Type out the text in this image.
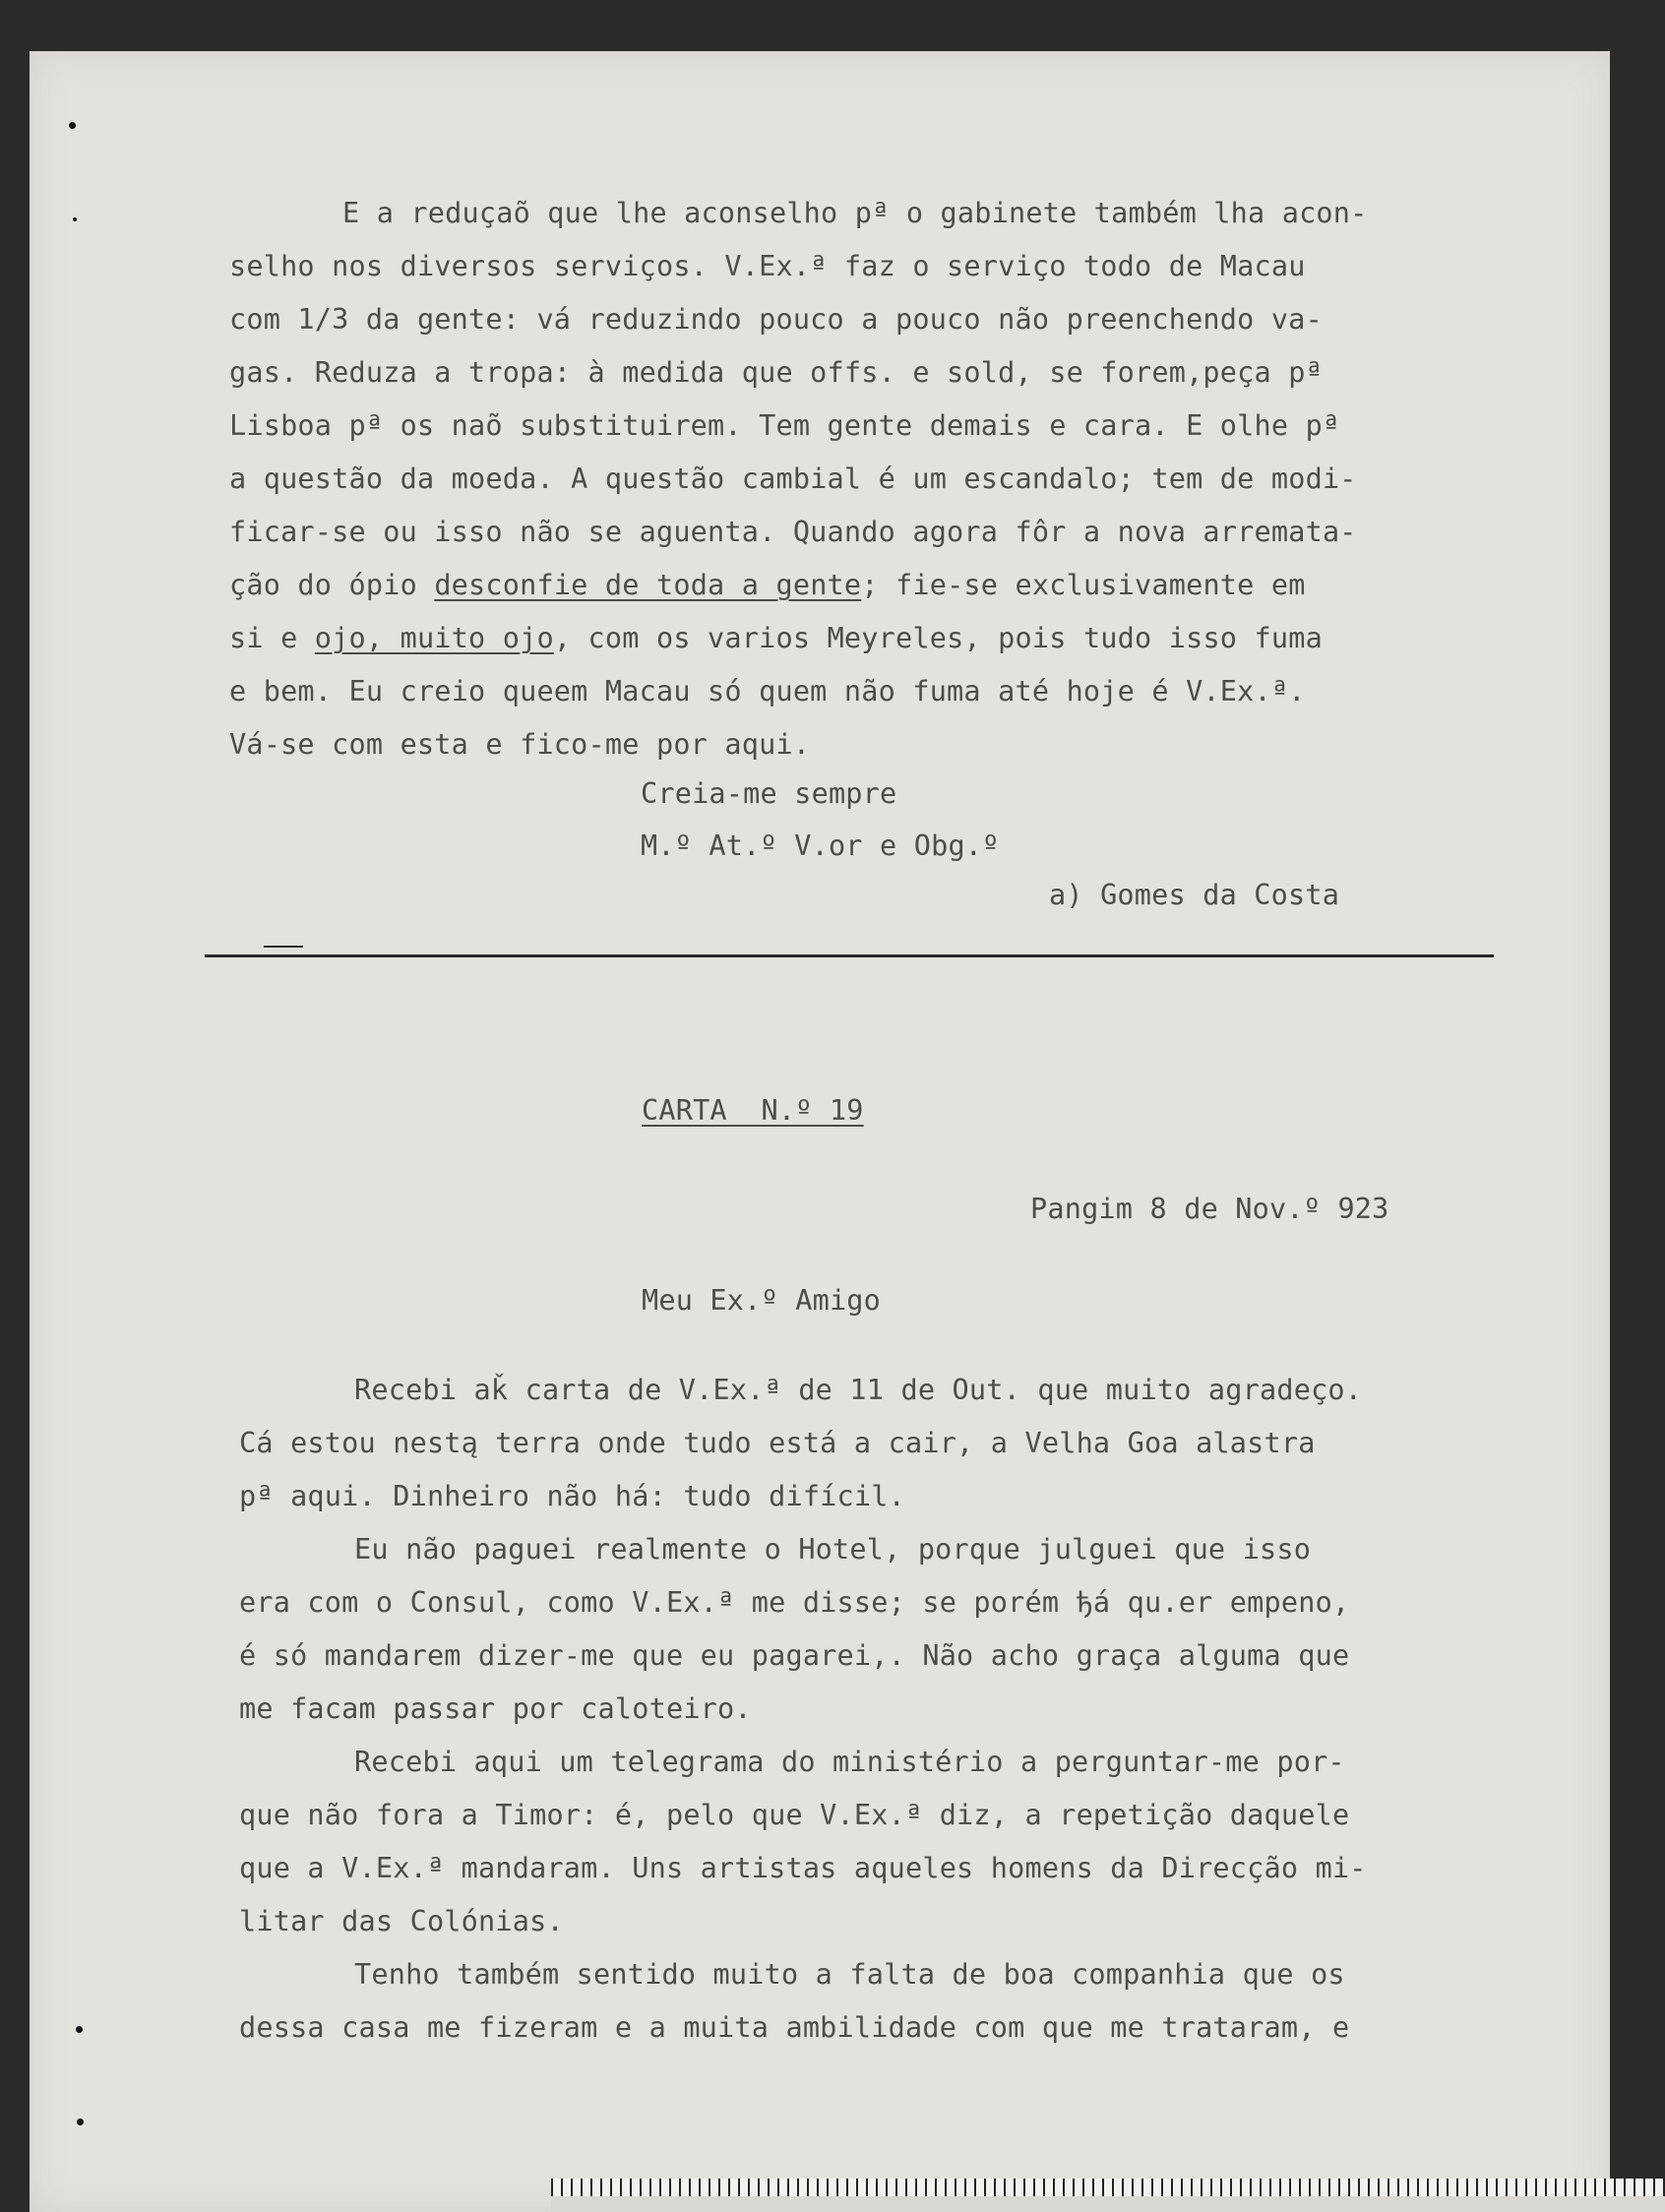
E a reduçaõ que lhe aconselho pª o gabinete também lha acon-
selho nos diversos serviços. V.Ex.ª faz o serviço todo de Macau
com 1/3 da gente: vá reduzindo pouco a pouco não preenchendo va-
gas. Reduza a tropa: à medida que offs. e sold, se forem,peça pª
Lisboa pª os naõ substituirem. Tem gente demais e cara. E olhe pª
a questão da moeda. A questão cambial é um escandalo; tem de modi-
ficar-se ou isso não se aguenta. Quando agora fôr a nova arremata-
ção do ópio desconfie de toda a gente; fie-se exclusivamente em
si e ojo, muito ojo, com os varios Meyreles, pois tudo isso fuma
e bem. Eu creio queem Macau só quem não fuma até hoje é V.Ex.ª.
Vá-se com esta e fico-me por aqui.
Creia-me sempre
M.º At.º V.or e Obg.º
a) Gomes da Costa
CARTA  N.º 19
Pangim 8 de Nov.º 923
Meu Ex.º Amigo
Recebi aǩ carta de V.Ex.ª de 11 de Out. que muito agradeço.
Cá estou nestą terra onde tudo está a cair, a Velha Goa alastra
pª aqui. Dinheiro não há: tudo difícil.
Eu não paguei realmente o Hotel, porque julguei que isso
era com o Consul, como V.Ex.ª me disse; se porém ђá qu.er empeno,
é só mandarem dizer-me que eu pagarei,. Não acho graça alguma que
me facam passar por caloteiro.
Recebi aqui um telegrama do ministério a perguntar-me por-
que não fora a Timor: é, pelo que V.Ex.ª diz, a repetição daquele
que a V.Ex.ª mandaram. Uns artistas aqueles homens da Direcção mi-
litar das Colónias.
Tenho também sentido muito a falta de boa companhia que os
dessa casa me fizeram e a muita ambilidade com que me trataram, e
